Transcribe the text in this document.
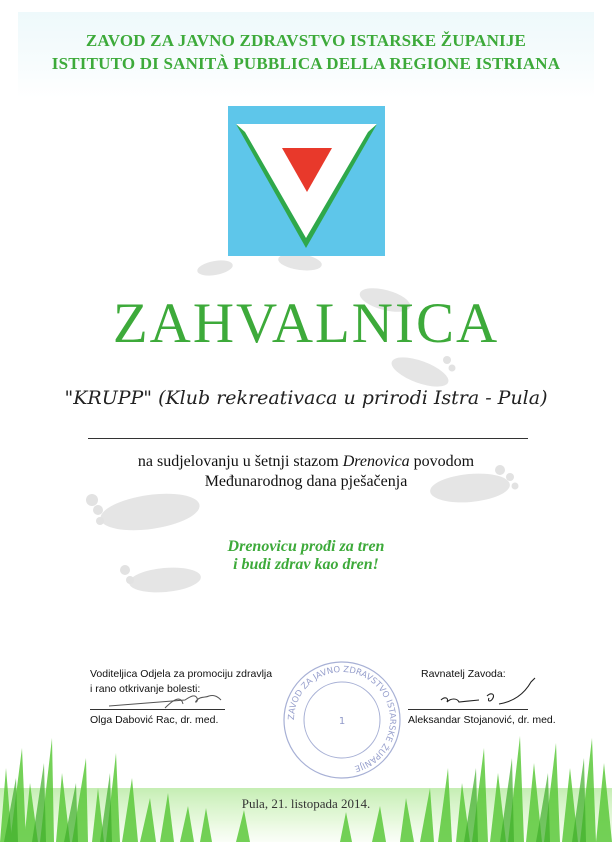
ZAVOD ZA JAVNO ZDRAVSTVO ISTARSKE ŽUPANIJE
ISTITUTO DI SANITÀ PUBBLICA DELLA REGIONE ISTRIANA
ZAHVALNICA
"KRUPP" (Klub rekreativaca u prirodi Istra - Pula)
na sudjelovanju u šetnji stazom Drenovica povodom
Međunarodnog dana pješačenja
Drenovicu prođi za tren
i budi zdrav kao dren!
Voditeljica Odjela za promociju zdravlja
i rano otkrivanje bolesti:
Ravnatelj Zavoda:
Olga Dabović Rac, dr. med.	Aleksandar Stojanović, dr. med.
ZAVOD ZA JAVNO ZDRAVSTVO ISTARSKE ŽUPANIJE
1
Pula, 21. listopada 2014.
